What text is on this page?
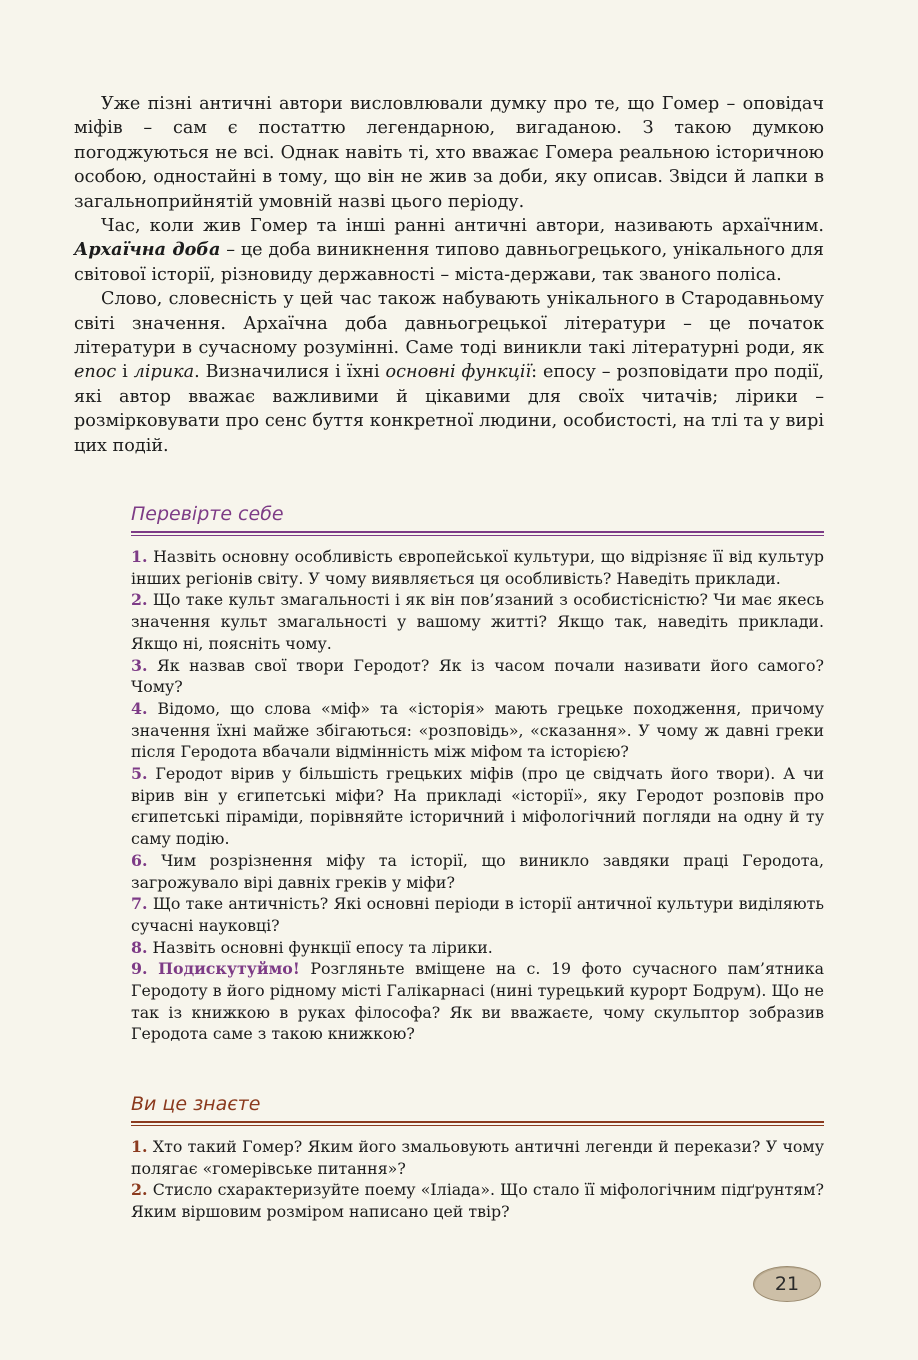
Уже пізні античні автори висловлювали думку про те, що Гомер – оповідач міфів – сам є постаттю легендарною, вигаданою. З такою думкою погоджуються не всі. Однак навіть ті, хто вважає Гомера реальною історичною особою, одностайні в тому, що він не жив за доби, яку описав. Звідси й лапки в загальноприйнятій умовній назві цього періоду.

Час, коли жив Гомер та інші ранні античні автори, називають архаїчним. Архаїчна доба – це доба виникнення типово давньогрецького, унікального для світової історії, різновиду державності – міста-держави, так званого поліса.

Слово, словесність у цей час також набувають унікального в Стародавньому світі значення. Архаїчна доба давньогрецької літератури – це початок літератури в сучасному розумінні. Саме тоді виникли такі літературні роди, як епос і лірика. Визначилися і їхні основні функції: епосу – розповідати про події, які автор вважає важливими й цікавими для своїх читачів; лірики – розмірковувати про сенс буття конкретної людини, особистості, на тлі та у вирі цих подій.

Перевірте себе

1. Назвіть основну особливість європейської культури, що відрізняє її від культур інших регіонів світу. У чому виявляється ця особливість? Наведіть приклади.

2. Що таке культ змагальності і як він пов’язаний з особистісністю? Чи має якесь значення культ змагальності у вашому житті? Якщо так, наведіть приклади. Якщо ні, поясніть чому.

3. Як назвав свої твори Геродот? Як із часом почали називати його самого? Чому?

4. Відомо, що слова «міф» та «історія» мають грецьке походження, причому значення їхні майже збігаються: «розповідь», «сказання». У чому ж давні греки після Геродота вбачали відмінність між міфом та історією?

5. Геродот вірив у більшість грецьких міфів (про це свідчать його твори). А чи вірив він у єгипетські міфи? На прикладі «історії», яку Геродот розповів про єгипетські піраміди, порівняйте історичний і міфологічний погляди на одну й ту саму подію.

6. Чим розрізнення міфу та історії, що виникло завдяки праці Геродота, загрожувало вірі давніх греків у міфи?

7. Що таке античність? Які основні періоди в історії античної культури виділяють сучасні науковці?

8. Назвіть основні функції епосу та лірики.

9. Подискутуймо! Розгляньте вміщене на с. 19 фото сучасного пам’ятника Геродоту в його рідному місті Галікарнасі (нині турецький курорт Бодрум). Що не так із книжкою в руках філософа? Як ви вважаєте, чому скульптор зобразив Геродота саме з такою книжкою?

Ви це знаєте

1. Хто такий Гомер? Яким його змальовують античні легенди й перекази? У чому полягає «гомерівське питання»?

2. Стисло схарактеризуйте поему «Іліада». Що стало її міфологічним підґрунтям? Яким віршовим розміром написано цей твір?

21
